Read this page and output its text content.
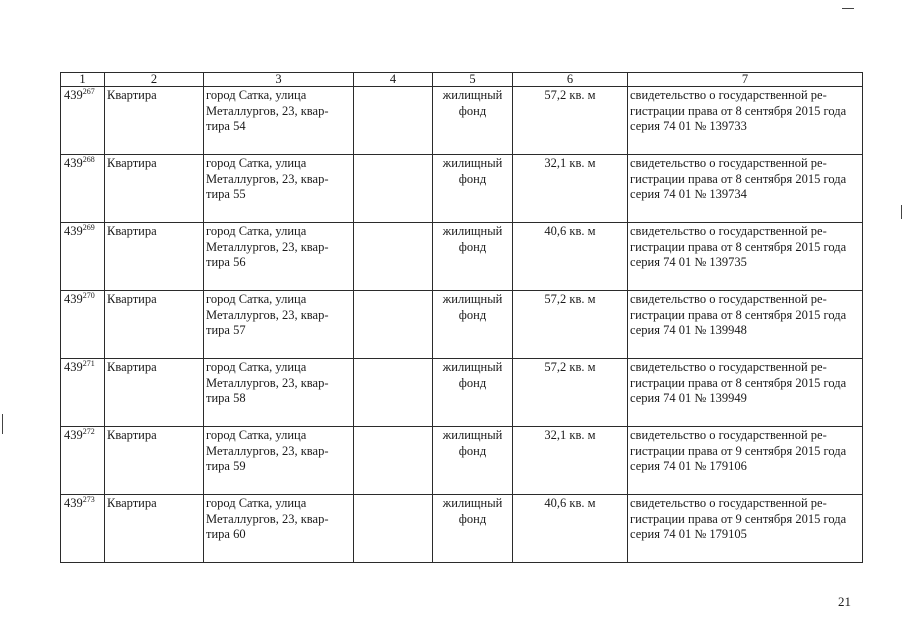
1	2	3	4	5	6	7
$439^{267}$	Квартира	город Сатка, улица Металлургов, 23, квар-тира 54		жилищный фонд	57,2 кв. м	свидетельство о государственной ре-гистрации права от 8 сентября 2015 года серия 74 01 № 139733
$439^{268}$	Квартира	город Сатка, улица Металлургов, 23, квар-тира 55		жилищный фонд	32,1 кв. м	свидетельство о государственной ре-гистрации права от 8 сентября 2015 года серия 74 01 № 139734
$439^{269}$	Квартира	город Сатка, улица Металлургов, 23, квар-тира 56		жилищный фонд	40,6 кв. м	свидетельство о государственной ре-гистрации права от 8 сентября 2015 года серия 74 01 № 139735
$439^{270}$	Квартира	город Сатка, улица Металлургов, 23, квар-тира 57		жилищный фонд	57,2 кв. м	свидетельство о государственной ре-гистрации права от 8 сентября 2015 года серия 74 01 № 139948
$439^{271}$	Квартира	город Сатка, улица Металлургов, 23, квар-тира 58		жилищный фонд	57,2 кв. м	свидетельство о государственной ре-гистрации права от 8 сентября 2015 года серия 74 01 № 139949
$439^{272}$	Квартира	город Сатка, улица Металлургов, 23, квар-тира 59		жилищный фонд	32,1 кв. м	свидетельство о государственной ре-гистрации права от 9 сентября 2015 года серия 74 01 № 179106
$439^{273}$	Квартира	город Сатка, улица Металлургов, 23, квар-тира 60		жилищный фонд	40,6 кв. м	свидетельство о государственной ре-гистрации права от 9 сентября 2015 года серия 74 01 № 179105
21
